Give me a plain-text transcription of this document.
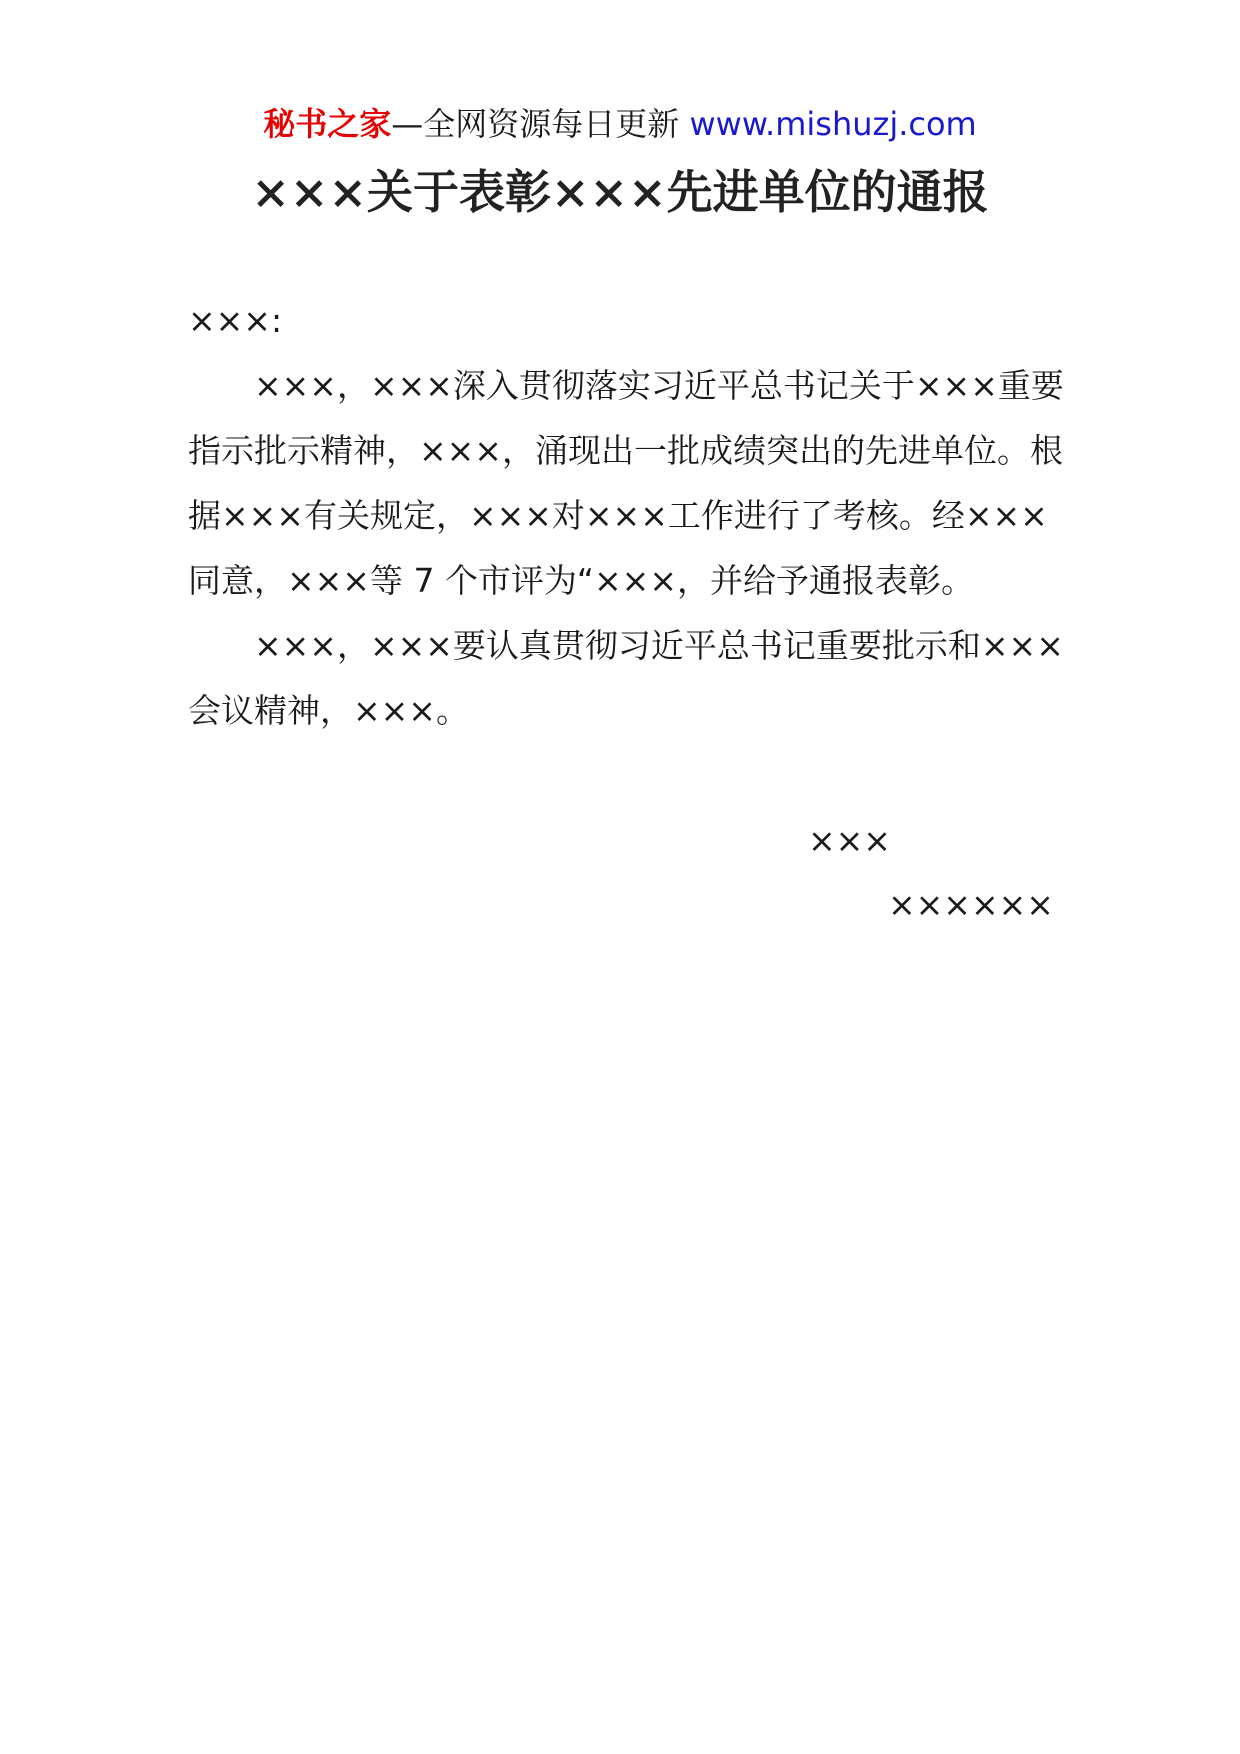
秘书之家—全网资源每日更新 www.mishuzj.com
×××关于表彰×××先进单位的通报

×××:

×××，×××深入贯彻落实习近平总书记关于×××重要指示批示精神，×××，涌现出一批成绩突出的先进单位。根据×××有关规定，×××对×××工作进行了考核。经×××同意，×××等 7 个市评为“×××，并给予通报表彰。

×××，×××要认真贯彻习近平总书记重要批示和×××会议精神，×××。

×××
××××××
